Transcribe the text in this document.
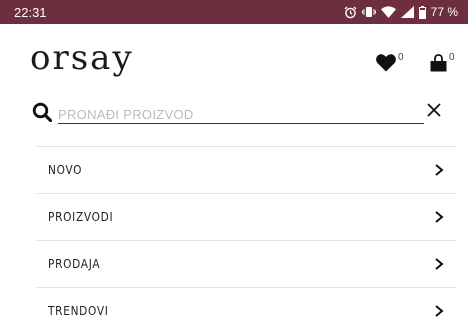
22:31	77 %
orsay	0	0
PRONAĐI PROIZVOD
NOVO
PROIZVODI
PRODAJA
TRENDOVI
